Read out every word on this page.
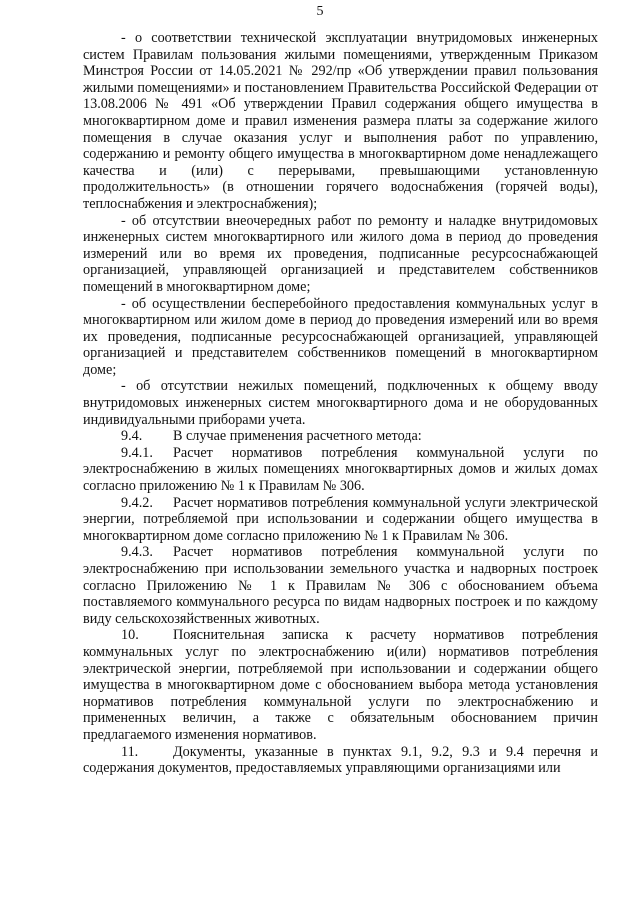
5

- о соответствии технической эксплуатации внутридомовых инженерных систем Правилам пользования жилыми помещениями, утвержденным Приказом Минстроя России от 14.05.2021 № 292/пр «Об утверждении правил пользования жилыми помещениями» и постановлением Правительства Российской Федерации от 13.08.2006 № 491 «Об утверждении Правил содержания общего имущества в многоквартирном доме и правил изменения размера платы за содержание жилого помещения в случае оказания услуг и выполнения работ по управлению, содержанию и ремонту общего имущества в многоквартирном доме ненадлежащего качества и (или) с перерывами, превышающими установленную продолжительность» (в отношении горячего водоснабжения (горячей воды), теплоснабжения и электроснабжения);

- об отсутствии внеочередных работ по ремонту и наладке внутридомовых инженерных систем многоквартирного или жилого дома в период до проведения измерений или во время их проведения, подписанные ресурсоснабжающей организацией, управляющей организацией и представителем собственников помещений в многоквартирном доме;

- об осуществлении бесперебойного предоставления коммунальных услуг в многоквартирном или жилом доме в период до проведения измерений или во время их проведения, подписанные ресурсоснабжающей организацией, управляющей организацией и представителем собственников помещений в многоквартирном доме;

- об отсутствии нежилых помещений, подключенных к общему вводу внутридомовых инженерных систем многоквартирного дома и не оборудованных индивидуальными приборами учета.

9.4. В случае применения расчетного метода:

9.4.1. Расчет нормативов потребления коммунальной услуги по электроснабжению в жилых помещениях многоквартирных домов и жилых домах согласно приложению № 1 к Правилам № 306.

9.4.2. Расчет нормативов потребления коммунальной услуги электрической энергии, потребляемой при использовании и содержании общего имущества в многоквартирном доме согласно приложению № 1 к Правилам № 306.

9.4.3. Расчет нормативов потребления коммунальной услуги по электроснабжению при использовании земельного участка и надворных построек согласно Приложению № 1 к Правилам № 306 с обоснованием объема поставляемого коммунального ресурса по видам надворных построек и по каждому виду сельскохозяйственных животных.

10. Пояснительная записка к расчету нормативов потребления коммунальных услуг по электроснабжению и(или) нормативов потребления электрической энергии, потребляемой при использовании и содержании общего имущества в многоквартирном доме с обоснованием выбора метода установления нормативов потребления коммунальной услуги по электроснабжению и примененных величин, а также с обязательным обоснованием причин предлагаемого изменения нормативов.

11. Документы, указанные в пунктах 9.1, 9.2, 9.3 и 9.4 перечня и содержания документов, предоставляемых управляющими организациями или
